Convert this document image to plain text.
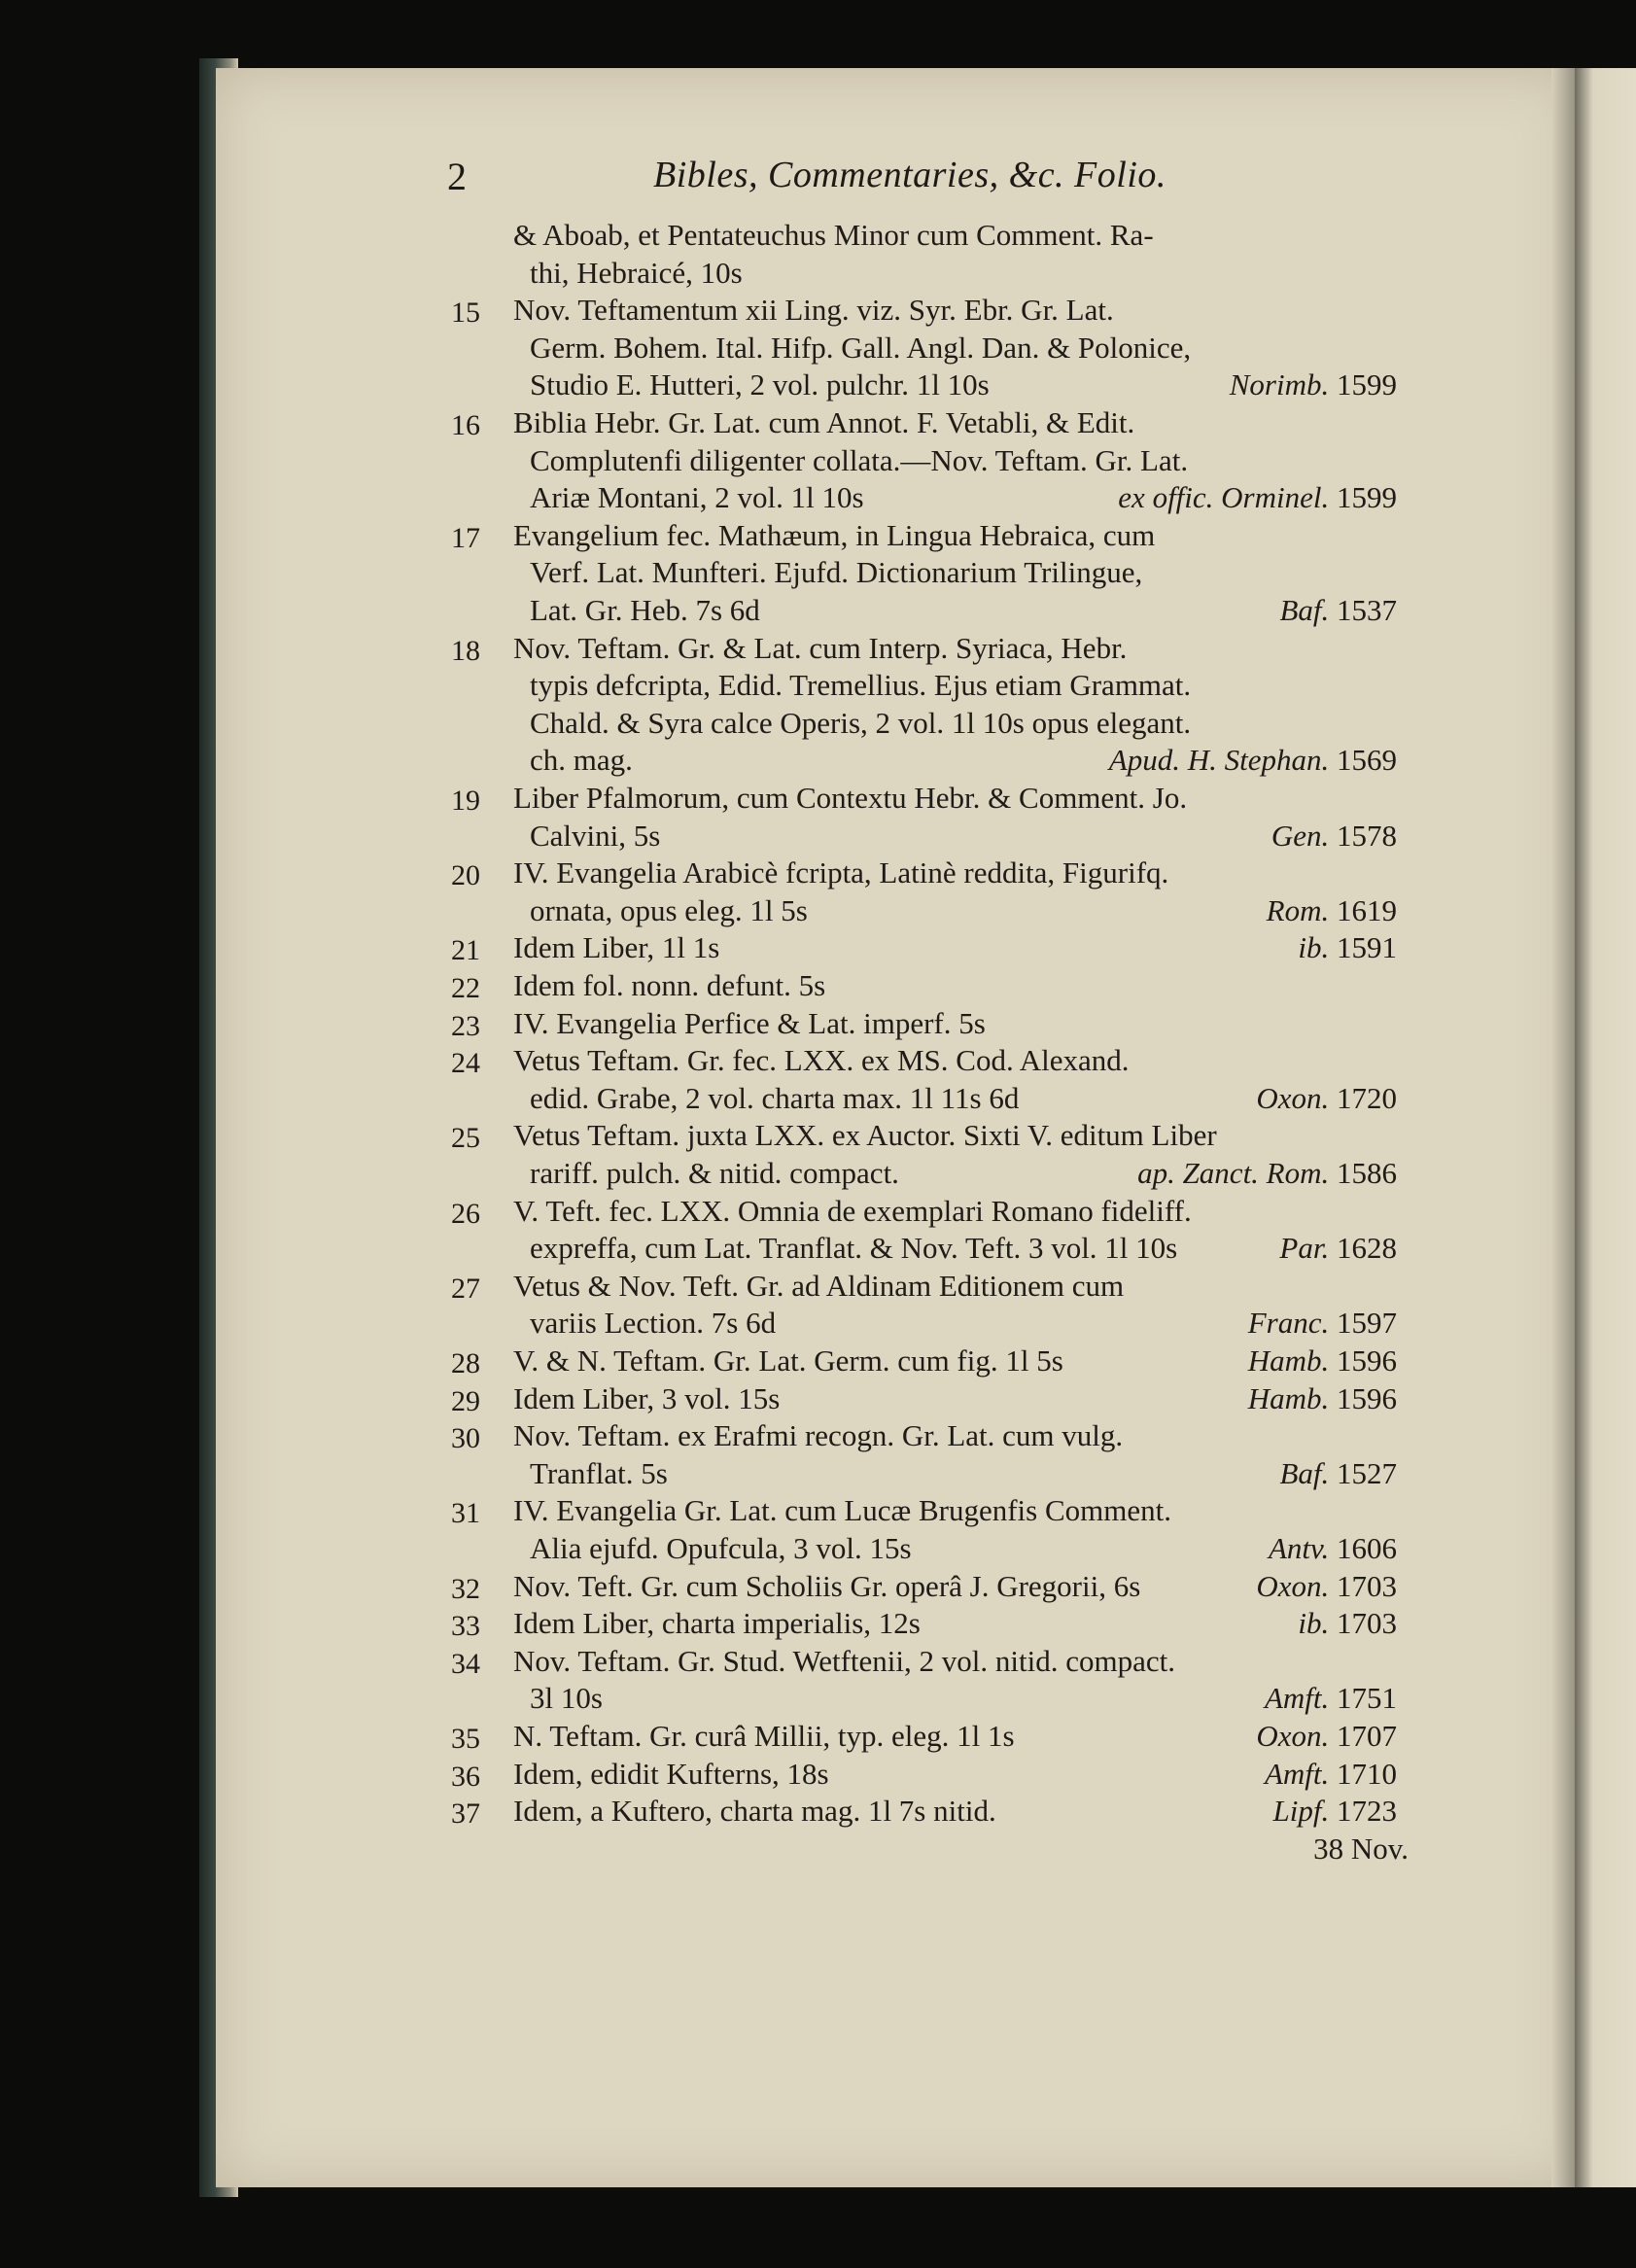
2	Bibles, Commentaries, &c. Folio.
& Aboab, et Pentateuchus Minor cum Comment. Ra-
thi, Hebraicé, 10s
15 Nov. Teftamentum xii Ling. viz. Syr. Ebr. Gr. Lat.
Germ. Bohem. Ital. Hifp. Gall. Angl. Dan. & Polonice,
Studio E. Hutteri, 2 vol. pulchr. 1l 10s	Norimb. 1599
16 Biblia Hebr. Gr. Lat. cum Annot. F. Vetabli, & Edit.
Complutenfi diligenter collata.—Nov. Teftam. Gr. Lat.
Ariæ Montani, 2 vol. 1l 10s	ex offic. Orminel. 1599
17 Evangelium fec. Mathæum, in Lingua Hebraica, cum
Verf. Lat. Munfteri. Ejufd. Dictionarium Trilingue,
Lat. Gr. Heb. 7s 6d	Baf. 1537
18 Nov. Teftam. Gr. & Lat. cum Interp. Syriaca, Hebr.
typis defcripta, Edid. Tremellius. Ejus etiam Grammat.
Chald. & Syra calce Operis, 2 vol. 1l 10s opus elegant.
ch. mag.	Apud. H. Stephan. 1569
19 Liber Pfalmorum, cum Contextu Hebr. & Comment. Jo.
Calvini, 5s	Gen. 1578
20 IV. Evangelia Arabicè fcripta, Latinè reddita, Figurifq.
ornata, opus eleg. 1l 5s	Rom. 1619
21 Idem Liber, 1l 1s	ib. 1591
22 Idem fol. nonn. defunt. 5s
23 IV. Evangelia Perfice & Lat. imperf. 5s
24 Vetus Teftam. Gr. fec. LXX. ex MS. Cod. Alexand.
edid. Grabe, 2 vol. charta max. 1l 11s 6d	Oxon. 1720
25 Vetus Teftam. juxta LXX. ex Auctor. Sixti V. editum Liber
rariff. pulch. & nitid. compact.	ap. Zanct. Rom. 1586
26 V. Teft. fec. LXX. Omnia de exemplari Romano fideliff.
expreffa, cum Lat. Tranflat. & Nov. Teft. 3 vol. 1l 10s	Par. 1628
27 Vetus & Nov. Teft. Gr. ad Aldinam Editionem cum
variis Lection. 7s 6d	Franc. 1597
28 V. & N. Teftam. Gr. Lat. Germ. cum fig. 1l 5s	Hamb. 1596
29 Idem Liber, 3 vol. 15s	Hamb. 1596
30 Nov. Teftam. ex Erafmi recogn. Gr. Lat. cum vulg.
Tranflat. 5s	Baf. 1527
31 IV. Evangelia Gr. Lat. cum Lucæ Brugenfis Comment.
Alia ejufd. Opufcula, 3 vol. 15s	Antv. 1606
32 Nov. Teft. Gr. cum Scholiis Gr. operâ J. Gregorii, 6s	Oxon. 1703
33 Idem Liber, charta imperialis, 12s	ib. 1703
34 Nov. Teftam. Gr. Stud. Wetftenii, 2 vol. nitid. compact.
3l 10s	Amft. 1751
35 N. Teftam. Gr. curâ Millii, typ. eleg. 1l 1s	Oxon. 1707
36 Idem, edidit Kufterns, 18s	Amft. 1710
37 Idem, a Kuftero, charta mag. 1l 7s nitid.	Lipf. 1723
38 Nov.
